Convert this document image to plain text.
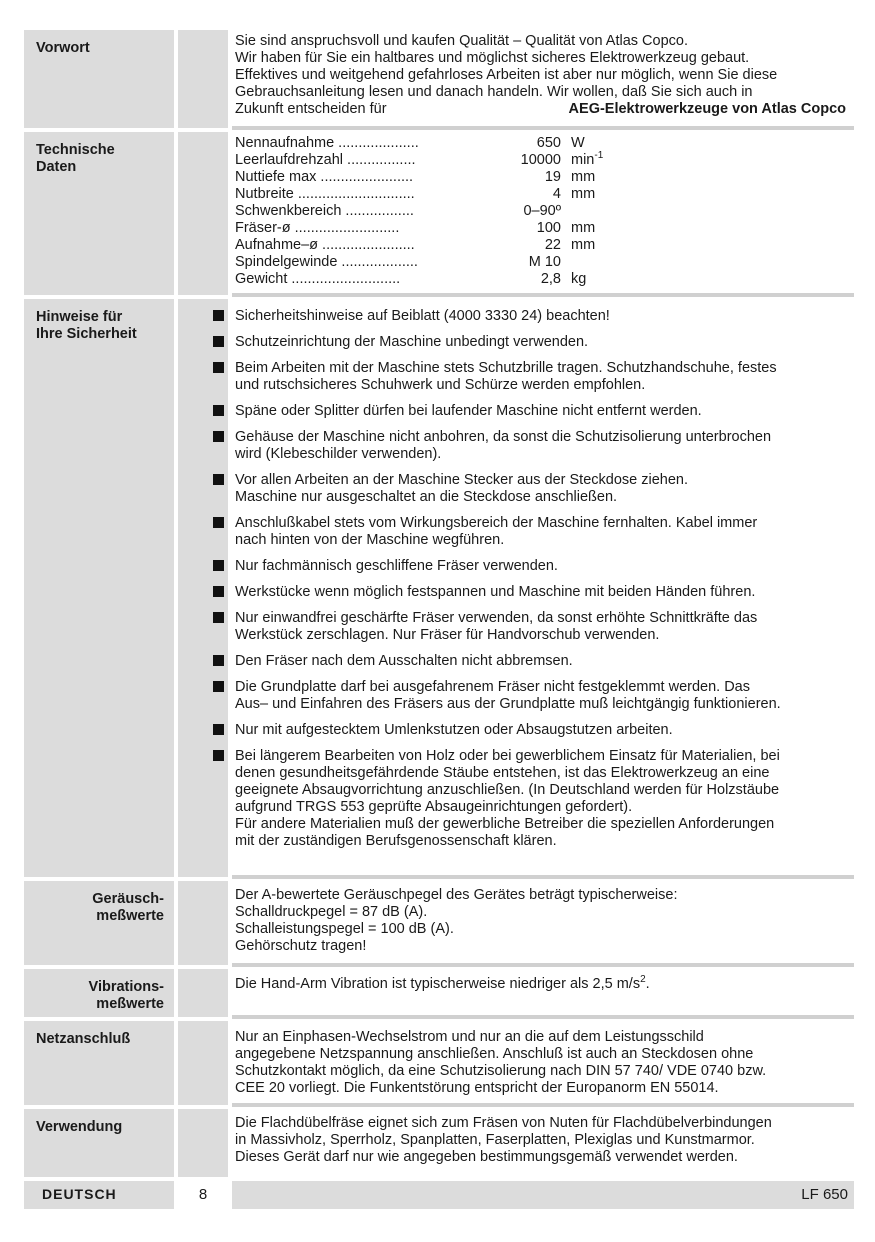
Vorwort	Sie sind anspruchsvoll und kaufen Qualität – Qualität von Atlas Copco.
Wir haben für Sie ein haltbares und möglichst sicheres Elektrowerkzeug gebaut.
Effektives und weitgehend gefahrloses Arbeiten ist aber nur möglich, wenn Sie diese
Gebrauchsanleitung lesen und danach handeln. Wir wollen, daß Sie sich auch in
Zukunft entscheiden für	AEG-Elektrowerkzeuge von Atlas Copco
Technische
Daten
Nennaufnahme ....................	650 W
Leerlaufdrehzahl .................	10000 $\min^{-1}$
Nuttiefe max .......................	19 mm
Nutbreite .............................	4 mm
Schwenkbereich .................	0–90º
Fräser-ø ..........................	100 mm
Aufnahme–ø .......................	22 mm
Spindelgewinde ...................	M 10
Gewicht ...........................	2,8 kg
Hinweise für
Ihre Sicherheit
Sicherheitshinweise auf Beiblatt (4000 3330 24) beachten!
Schutzeinrichtung der Maschine unbedingt verwenden.
Beim Arbeiten mit der Maschine stets Schutzbrille tragen. Schutzhandschuhe, festes
und rutschsicheres Schuhwerk und Schürze werden empfohlen.
Späne oder Splitter dürfen bei laufender Maschine nicht entfernt werden.
Gehäuse der Maschine nicht anbohren, da sonst die Schutzisolierung unterbrochen
wird (Klebeschilder verwenden).
Vor allen Arbeiten an der Maschine Stecker aus der Steckdose ziehen.
Maschine nur ausgeschaltet an die Steckdose anschließen.
Anschlußkabel stets vom Wirkungsbereich der Maschine fernhalten. Kabel immer
nach hinten von der Maschine wegführen.
Nur fachmännisch geschliffene Fräser verwenden.
Werkstücke wenn möglich festspannen und Maschine mit beiden Händen führen.
Nur einwandfrei geschärfte Fräser verwenden, da sonst erhöhte Schnittkräfte das
Werkstück zerschlagen. Nur Fräser für Handvorschub verwenden.
Den Fräser nach dem Ausschalten nicht abbremsen.
Die Grundplatte darf bei ausgefahrenem Fräser nicht festgeklemmt werden. Das
Aus– und Einfahren des Fräsers aus der Grundplatte muß leichtgängig funktionieren.
Nur mit aufgestecktem Umlenkstutzen oder Absaugstutzen arbeiten.
Bei längerem Bearbeiten von Holz oder bei gewerblichem Einsatz für Materialien, bei
denen gesundheitsgefährdende Stäube entstehen, ist das Elektrowerkzeug an eine
geeignete Absaugvorrichtung anzuschließen. (In Deutschland werden für Holzstäube
aufgrund TRGS 553 geprüfte Absaugeinrichtungen gefordert).
Für andere Materialien muß der gewerbliche Betreiber die speziellen Anforderungen
mit der zuständigen Berufsgenossenschaft klären.
Geräusch-
meßwerte
Der A-bewertete Geräuschpegel des Gerätes beträgt typischerweise:
Schalldruckpegel = 87 dB (A).
Schalleistungspegel = 100 dB (A).
Gehörschutz tragen!
Vibrations-
meßwerte
Die Hand-Arm Vibration ist typischerweise niedriger als 2,5 $m/s^2$.
Netzanschluß	Nur an Einphasen-Wechselstrom und nur an die auf dem Leistungsschild
angegebene Netzspannung anschließen. Anschluß ist auch an Steckdosen ohne
Schutzkontakt möglich, da eine Schutzisolierung nach DIN 57 740/ VDE 0740 bzw.
CEE 20 vorliegt. Die Funkentstörung entspricht der Europanorm EN 55014.
Verwendung	Die Flachdübelfräse eignet sich zum Fräsen von Nuten für Flachdübelverbindungen
in Massivholz, Sperrholz, Spanplatten, Faserplatten, Plexiglas und Kunstmarmor.
Dieses Gerät darf nur wie angegeben bestimmungsgemäß verwendet werden.
DEUTSCH	8	LF 650
